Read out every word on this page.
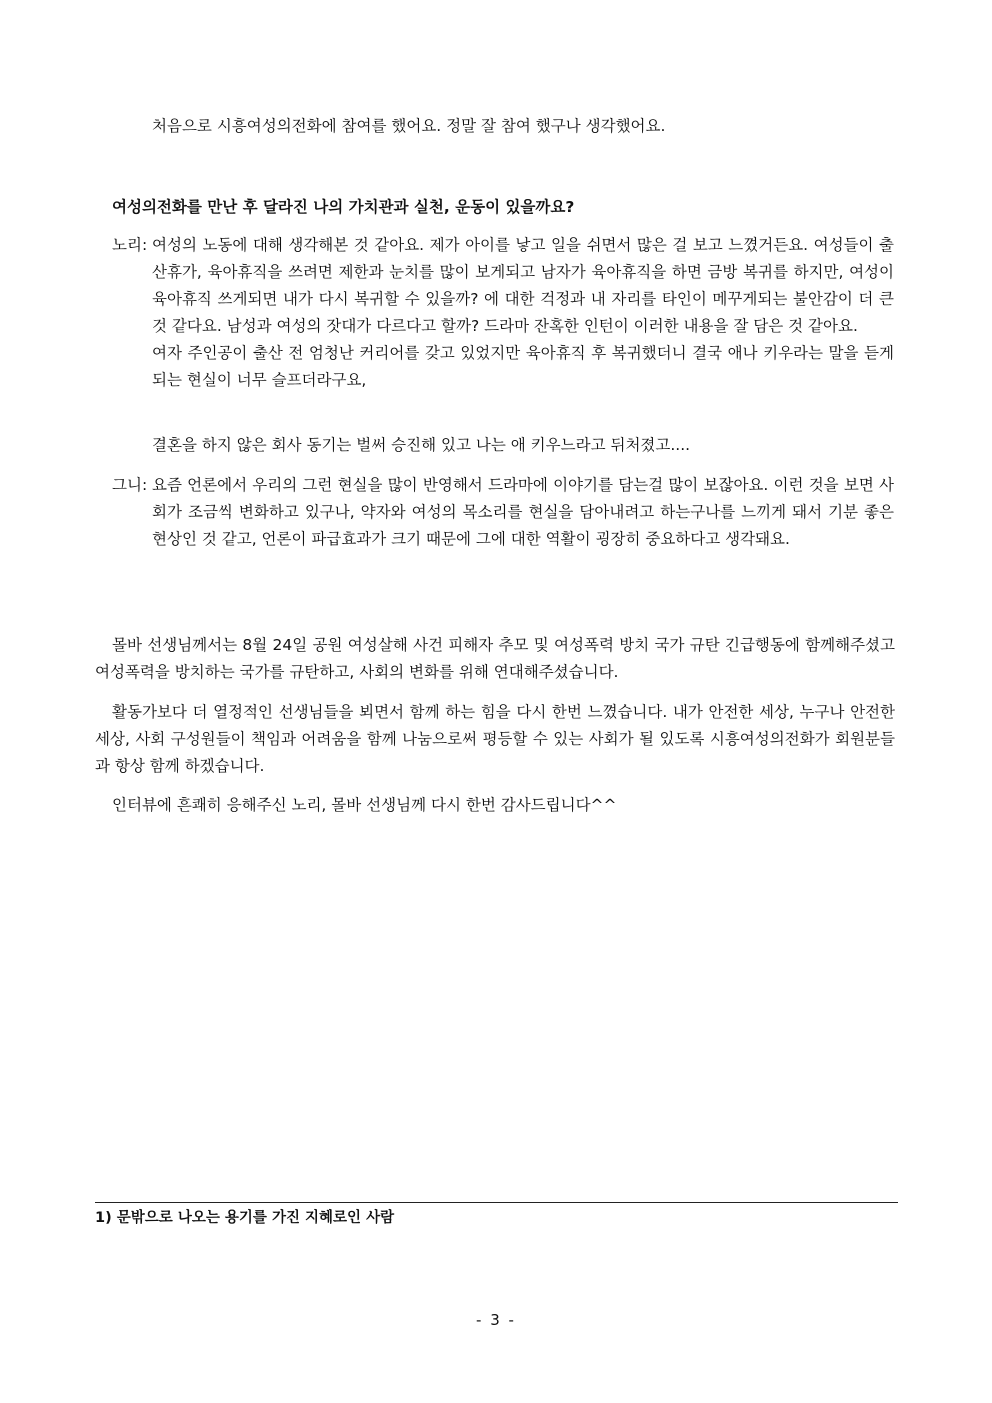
처음으로 시흥여성의전화에 참여를 했어요. 정말 잘 참여 했구나 생각했어요.
여성의전화를 만난 후 달라진 나의 가치관과 실천, 운동이 있을까요?
노리: 여성의 노동에 대해 생각해본 것 같아요. 제가 아이를 낳고 일을 쉬면서 많은 걸 보고 느꼈거든요. 여성들이 출산휴가, 육아휴직을 쓰려면 제한과 눈치를 많이 보게되고 남자가 육아휴직을 하면 금방 복귀를 하지만, 여성이 육아휴직 쓰게되면 내가 다시 복귀할 수 있을까? 에 대한 걱정과 내 자리를 타인이 메꾸게되는 불안감이 더 큰 것 같다요. 남성과 여성의 잣대가 다르다고 할까? 드라마 잔혹한 인턴이 이러한 내용을 잘 담은 것 같아요.

여자 주인공이 출산 전 엄청난 커리어를 갖고 있었지만 육아휴직 후 복귀했더니 결국 애나 키우라는 말을 듣게 되는 현실이 너무 슬프더라구요,

결혼을 하지 않은 회사 동기는 벌써 승진해 있고 나는 애 키우느라고 뒤처졌고....

그니: 요즘 언론에서 우리의 그런 현실을 많이 반영해서 드라마에 이야기를 담는걸 많이 보잖아요. 이런 것을 보면 사회가 조금씩 변화하고 있구나, 약자와 여성의 목소리를 현실을 담아내려고 하는구나를 느끼게 돼서 기분 좋은 현상인 것 같고, 언론이 파급효과가 크기 때문에 그에 대한 역활이 굉장히 중요하다고 생각돼요.

몰바 선생님께서는 8월 24일 공원 여성살해 사건 피해자 추모 및 여성폭력 방치 국가 규탄 긴급행동에 함께해주셨고 여성폭력을 방치하는 국가를 규탄하고, 사회의 변화를 위해 연대해주셨습니다.

활동가보다 더 열정적인 선생님들을 뵈면서 함께 하는 힘을 다시 한번 느꼈습니다. 내가 안전한 세상, 누구나 안전한 세상, 사회 구성원들이 책임과 어려움을 함께 나눔으로써 평등할 수 있는 사회가 될 있도록 시흥여성의전화가 회원분들과 항상 함께 하겠습니다.

인터뷰에 흔쾌히 응해주신 노리, 몰바 선생님께 다시 한번 감사드립니다^^

1) 문밖으로 나오는 용기를 가진 지혜로인 사람
- 3 -
